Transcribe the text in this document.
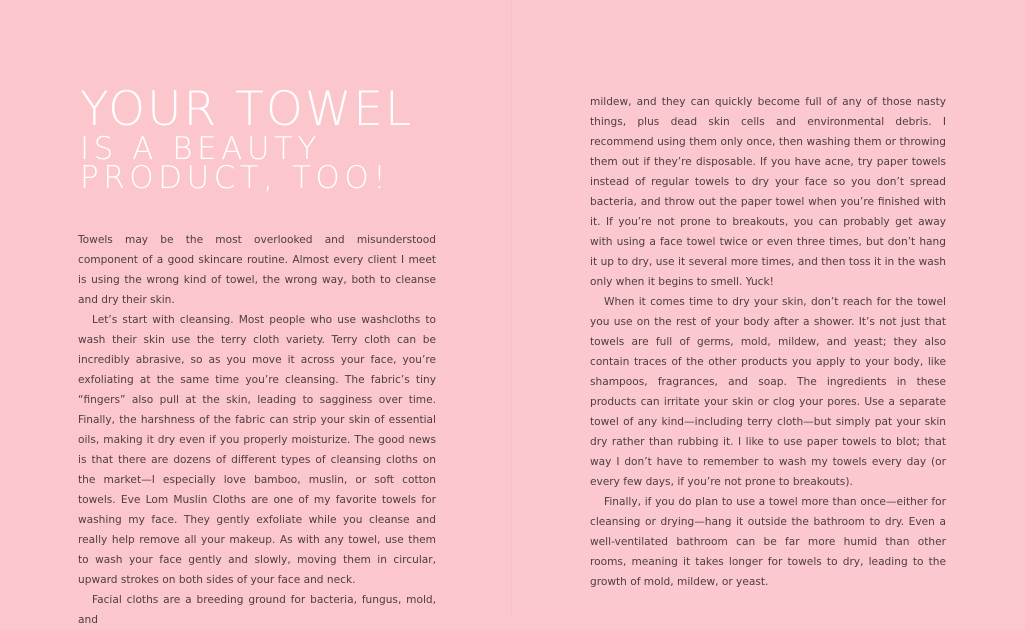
YOUR TOWEL
IS A BEAUTY
PRODUCT, TOO!

Towels may be the most overlooked and misunderstood component of a good skincare routine. Almost every client I meet is using the wrong kind of towel, the wrong way, both to cleanse and dry their skin.

Let’s start with cleansing. Most people who use washcloths to wash their skin use the terry cloth variety. Terry cloth can be incredibly abrasive, so as you move it across your face, you’re exfoliating at the same time you’re cleansing. The fabric’s tiny “fingers” also pull at the skin, leading to sagginess over time. Finally, the harshness of the fabric can strip your skin of essential oils, making it dry even if you properly moisturize. The good news is that there are dozens of different types of cleansing cloths on the market—I especially love bamboo, muslin, or soft cotton towels. Eve Lom Muslin Cloths are one of my favorite towels for washing my face. They gently exfoliate while you cleanse and really help remove all your makeup. As with any towel, use them to wash your face gently and slowly, moving them in circular, upward strokes on both sides of your face and neck.

Facial cloths are a breeding ground for bacteria, fungus, mold, and

mildew, and they can quickly become full of any of those nasty things, plus dead skin cells and environmental debris. I recommend using them only once, then washing them or throwing them out if they’re disposable. If you have acne, try paper towels instead of regular towels to dry your face so you don’t spread bacteria, and throw out the paper towel when you’re finished with it. If you’re not prone to breakouts, you can probably get away with using a face towel twice or even three times, but don’t hang it up to dry, use it several more times, and then toss it in the wash only when it begins to smell. Yuck!

When it comes time to dry your skin, don’t reach for the towel you use on the rest of your body after a shower. It’s not just that towels are full of germs, mold, mildew, and yeast; they also contain traces of the other products you apply to your body, like shampoos, fragrances, and soap. The ingredients in these products can irritate your skin or clog your pores. Use a separate towel of any kind—including terry cloth—but simply pat your skin dry rather than rubbing it. I like to use paper towels to blot; that way I don’t have to remember to wash my towels every day (or every few days, if you’re not prone to breakouts).

Finally, if you do plan to use a towel more than once—either for cleansing or drying—hang it outside the bathroom to dry. Even a well-ventilated bathroom can be far more humid than other rooms, meaning it takes longer for towels to dry, leading to the growth of mold, mildew, or yeast.
